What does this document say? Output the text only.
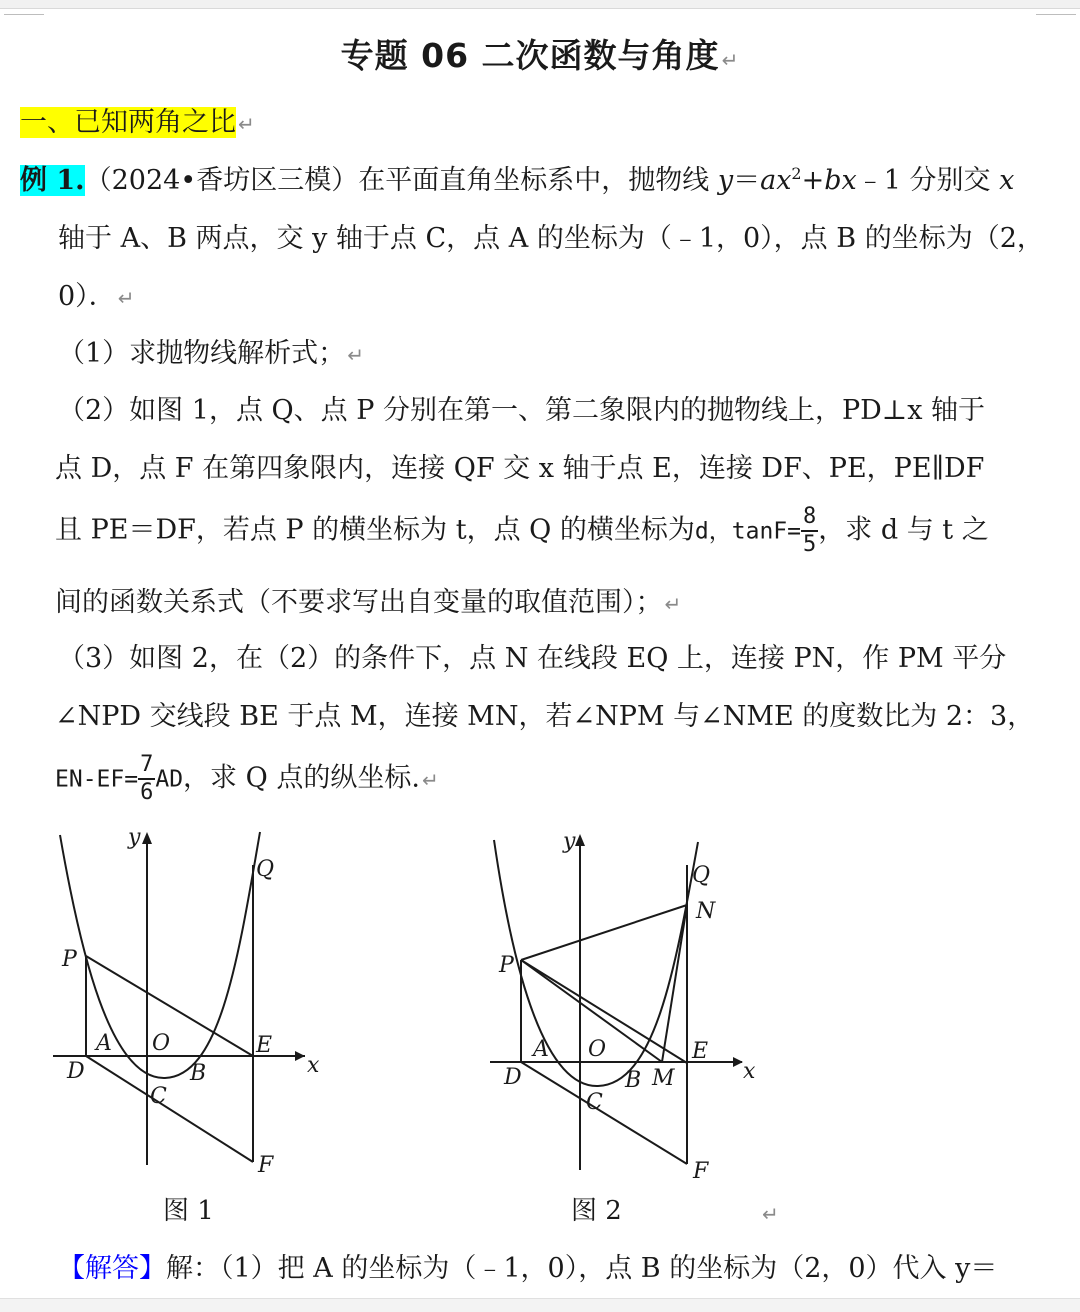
专题 06 二次函数与角度 ↵
一、已知两角之比 ↵
例 1.（2024•香坊区三模）在平面直角坐标系中，抛物线 $y=ax^2+bx﹣1$ 分别交 x
轴于 A、B 两点，交 y 轴于点 C，点 A 的坐标为（﹣1，0），点 B 的坐标为（2，
0）． ↵
（1）求抛物线解析式； ↵
（2）如图 1，点 Q、点 P 分别在第一、第二象限内的抛物线上，PD⊥x 轴于
点 D，点 F 在第四象限内，连接 QF 交 x 轴于点 E，连接 DF、PE，PE∥DF
且 PE＝DF，若点 P 的横坐标为 t，点 Q 的横坐标为d，$\tan F= \frac{8}{5}$ ，求 d 与 t 之
间的函数关系式（不要求写出自变量的取值范围）； ↵
（3）如图 2，在（2）的条件下，点 N 在线段 EQ 上，连接 PN，作 PM 平分
∠NPD 交线段 BE 于点 M，连接 MN，若∠NPM 与∠NME 的度数比为 2：3，
$EN-EF= \frac{7}{6}$ AD，求 Q 点的纵坐标. ↵
y
x
Q
P
A O	E
D	B
C
F
图 1
y
x
Q
N
P
A O	E
D	B M
C
F
图 2	↵
【解答】解：（1）把 A 的坐标为（﹣1，0），点 B 的坐标为（2，0）代入 y＝
